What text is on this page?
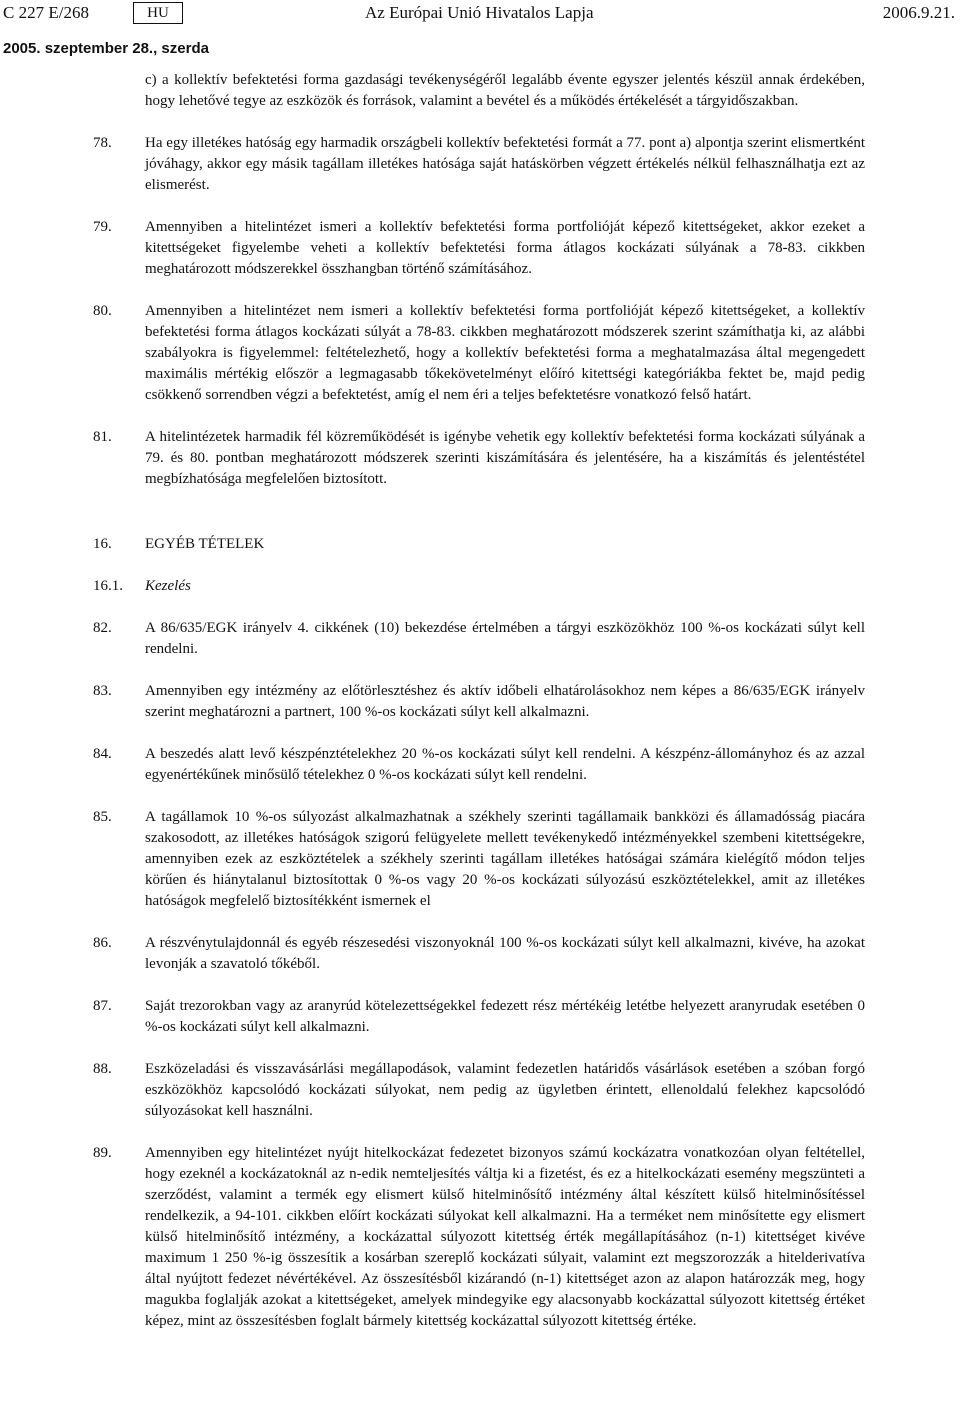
C 227 E/268	HU	Az Európai Unió Hivatalos Lapja	2006.9.21.
2005. szeptember 28., szerda
c) a kollektív befektetési forma gazdasági tevékenységéről legalább évente egyszer jelentés készül annak érdekében, hogy lehetővé tegye az eszközök és források, valamint a bevétel és a működés értékelését a tárgyidőszakban.
78. Ha egy illetékes hatóság egy harmadik országbeli kollektív befektetési formát a 77. pont a) alpontja szerint elismertként jóváhagy, akkor egy másik tagállam illetékes hatósága saját hatáskörben végzett értékelés nélkül felhasználhatja ezt az elismerést.
79. Amennyiben a hitelintézet ismeri a kollektív befektetési forma portfolióját képező kitettségeket, akkor ezeket a kitettségeket figyelembe veheti a kollektív befektetési forma átlagos kockázati súlyának a 78-83. cikkben meghatározott módszerekkel összhangban történő számításához.
80. Amennyiben a hitelintézet nem ismeri a kollektív befektetési forma portfolióját képező kitettségeket, a kollektív befektetési forma átlagos kockázati súlyát a 78-83. cikkben meghatározott módszerek szerint számíthatja ki, az alábbi szabályokra is figyelemmel: feltételezhető, hogy a kollektív befektetési forma a meghatalmazása által megengedett maximális mértékig először a legmagasabb tőkekövetelményt előíró kitettségi kategóriákba fektet be, majd pedig csökkenő sorrendben végzi a befektetést, amíg el nem éri a teljes befektetésre vonatkozó felső határt.
81. A hitelintézetek harmadik fél közreműködését is igénybe vehetik egy kollektív befektetési forma kockázati súlyának a 79. és 80. pontban meghatározott módszerek szerinti kiszámítására és jelentésére, ha a kiszámítás és jelentéstétel megbízhatósága megfelelően biztosított.
16. EGYÉB TÉTELEK
16.1. Kezelés
82. A 86/635/EGK irányelv 4. cikkének (10) bekezdése értelmében a tárgyi eszközökhöz 100 %-os kockázati súlyt kell rendelni.
83. Amennyiben egy intézmény az előtörlesztéshez és aktív időbeli elhatárolásokhoz nem képes a 86/635/EGK irányelv szerint meghatározni a partnert, 100 %-os kockázati súlyt kell alkalmazni.
84. A beszedés alatt levő készpénztételekhez 20 %-os kockázati súlyt kell rendelni. A készpénz-állományhoz és az azzal egyenértékűnek minősülő tételekhez 0 %-os kockázati súlyt kell rendelni.
85. A tagállamok 10 %-os súlyozást alkalmazhatnak a székhely szerinti tagállamaik bankközi és államadósság piacára szakosodott, az illetékes hatóságok szigorú felügyelete mellett tevékenykedő intézményekkel szembeni kitettségekre, amennyiben ezek az eszköztételek a székhely szerinti tagállam illetékes hatóságai számára kielégítő módon teljes körűen és hiánytalanul biztosítottak 0 %-os vagy 20 %-os kockázati súlyozású eszköztételekkel, amit az illetékes hatóságok megfelelő biztosítékként ismernek el
86. A részvénytulajdonnál és egyéb részesedési viszonyoknál 100 %-os kockázati súlyt kell alkalmazni, kivéve, ha azokat levonják a szavatoló tőkéből.
87. Saját trezorokban vagy az aranyrúd kötelezettségekkel fedezett rész mértékéig letétbe helyezett aranyrudak esetében 0 %-os kockázati súlyt kell alkalmazni.
88. Eszközeladási és visszavásárlási megállapodások, valamint fedezetlen határidős vásárlások esetében a szóban forgó eszközökhöz kapcsolódó kockázati súlyokat, nem pedig az ügyletben érintett, ellenoldalú felekhez kapcsolódó súlyozásokat kell használni.
89. Amennyiben egy hitelintézet nyújt hitelkockázat fedezetet bizonyos számú kockázatra vonatkozóan olyan feltétellel, hogy ezeknél a kockázatoknál az n-edik nemteljesítés váltja ki a fizetést, és ez a hitelkockázati esemény megszünteti a szerződést, valamint a termék egy elismert külső hitelminősítő intézmény által készített külső hitelminősítéssel rendelkezik, a 94-101. cikkben előírt kockázati súlyokat kell alkalmazni. Ha a terméket nem minősítette egy elismert külső hitelminősítő intézmény, a kockázattal súlyozott kitettség érték megállapításához (n-1) kitettséget kivéve maximum 1 250 %-ig összesítik a kosárban szereplő kockázati súlyait, valamint ezt megszorozzák a hitelderivatíva által nyújtott fedezet névértékével. Az összesítésből kizárandó (n-1) kitettséget azon az alapon határozzák meg, hogy magukba foglalják azokat a kitettségeket, amelyek mindegyike egy alacsonyabb kockázattal súlyozott kitettség értéket képez, mint az összesítésben foglalt bármely kitettség kockázattal súlyozott kitettség értéke.
